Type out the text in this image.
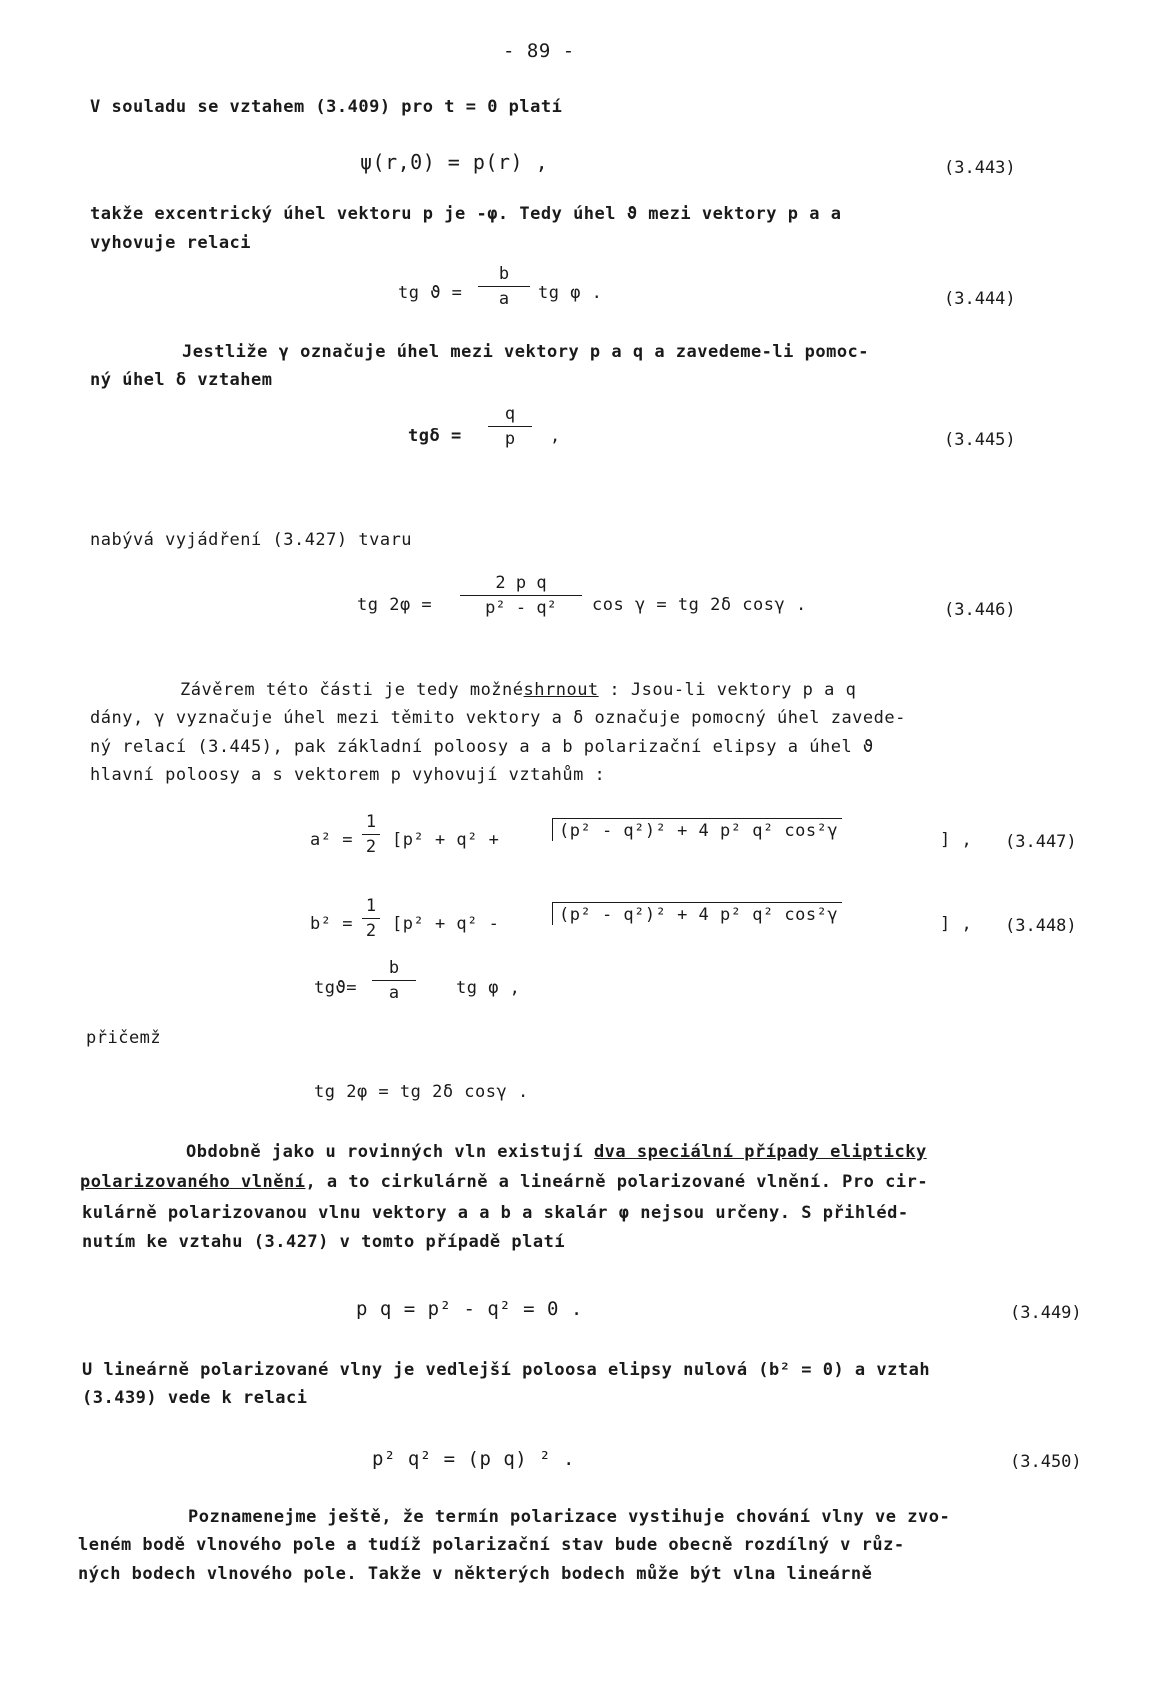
- 89 -
V souladu se vztahem (3.409) pro t = 0 platí
ψ(r,0) = p(r) ,	(3.443)
takže excentrický úhel vektoru p je -φ. Tedy úhel ϑ mezi vektory p a a
vyhovuje relaci
tg ϑ =
b
a	tg φ .	(3.444)
Jestliže γ označuje úhel mezi vektory p a q a zavedeme-li pomoc-
ný úhel δ vztahem
tgδ =
q
p	,	(3.445)
nabývá vyjádření (3.427) tvaru
tg 2φ =
2 p q
p² - q²	cos γ = tg 2δ cosγ .	(3.446)
Závěrem této části je tedy možnéshrnout : Jsou-li vektory p a q
dány, γ vyznačuje úhel mezi těmito vektory a δ označuje pomocný úhel zavede-
ný relací (3.445), pak základní poloosy a a b polarizační elipsy a úhel ϑ
hlavní poloosy a s vektorem p vyhovují vztahům :
a² =
1
2 [p² + q² +	(p² - q²)² + 4 p² q² cos²γ	] , (3.447)
b² =
1
2 [p² + q² -	(p² - q²)² + 4 p² q² cos²γ	] , (3.448)
tgϑ=
b
a	tg φ ,
přičemž
tg 2φ = tg 2δ cosγ .
Obdobně jako u rovinných vln existují dva speciální případy elipticky
polarizovaného vlnění, a to cirkulárně a lineárně polarizované vlnění. Pro cir-
kulárně polarizovanou vlnu vektory a a b a skalár φ nejsou určeny. S přihléd-
nutím ke vztahu (3.427) v tomto případě platí
p q = p² - q² = 0 .	(3.449)
U lineárně polarizované vlny je vedlejší poloosa elipsy nulová (b² = 0) a vztah
(3.439) vede k relaci
p² q² = (p q) ² .	(3.450)
Poznamenejme ještě, že termín polarizace vystihuje chování vlny ve zvo-
leném bodě vlnového pole a tudíž polarizační stav bude obecně rozdílný v růz-
ných bodech vlnového pole. Takže v některých bodech může být vlna lineárně
